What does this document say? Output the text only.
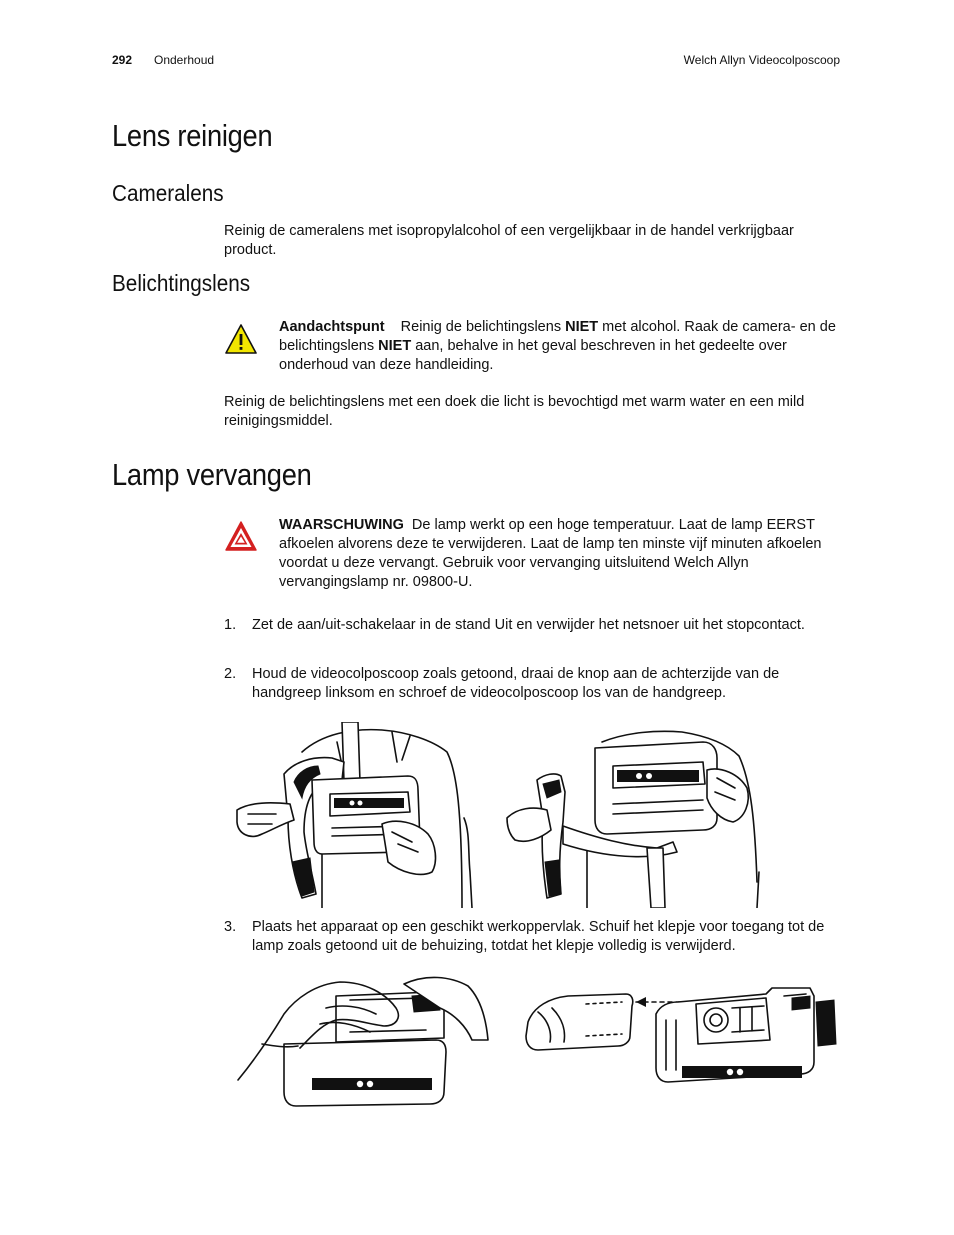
292 Onderhoud	Welch Allyn Videocolposcoop
Lens reinigen
Cameralens

Reinig de cameralens met isopropylalcohol of een vergelijkbaar in de handel verkrijgbaar product.

Belichtingslens

Aandachtspunt Reinig de belichtingslens NIET met alcohol. Raak de camera- en de belichtingslens NIET aan, behalve in het geval beschreven in het gedeelte over onderhoud van deze handleiding.

Reinig de belichtingslens met een doek die licht is bevochtigd met warm water en een mild reinigingsmiddel.

Lamp vervangen

WAARSCHUWING De lamp werkt op een hoge temperatuur. Laat de lamp EERST afkoelen alvorens deze te verwijderen. Laat de lamp ten minste vijf minuten afkoelen voordat u deze vervangt. Gebruik voor vervanging uitsluitend Welch Allyn vervangingslamp nr. 09800-U.

1. Zet de aan/uit-schakelaar in de stand Uit en verwijder het netsnoer uit het stopcontact.
2. Houd de videocolposcoop zoals getoond, draai de knop aan de achterzijde van de handgreep linksom en schroef de videocolposcoop los van de handgreep.
3. Plaats het apparaat op een geschikt werkoppervlak. Schuif het klepje voor toegang tot de lamp zoals getoond uit de behuizing, totdat het klepje volledig is verwijderd.
